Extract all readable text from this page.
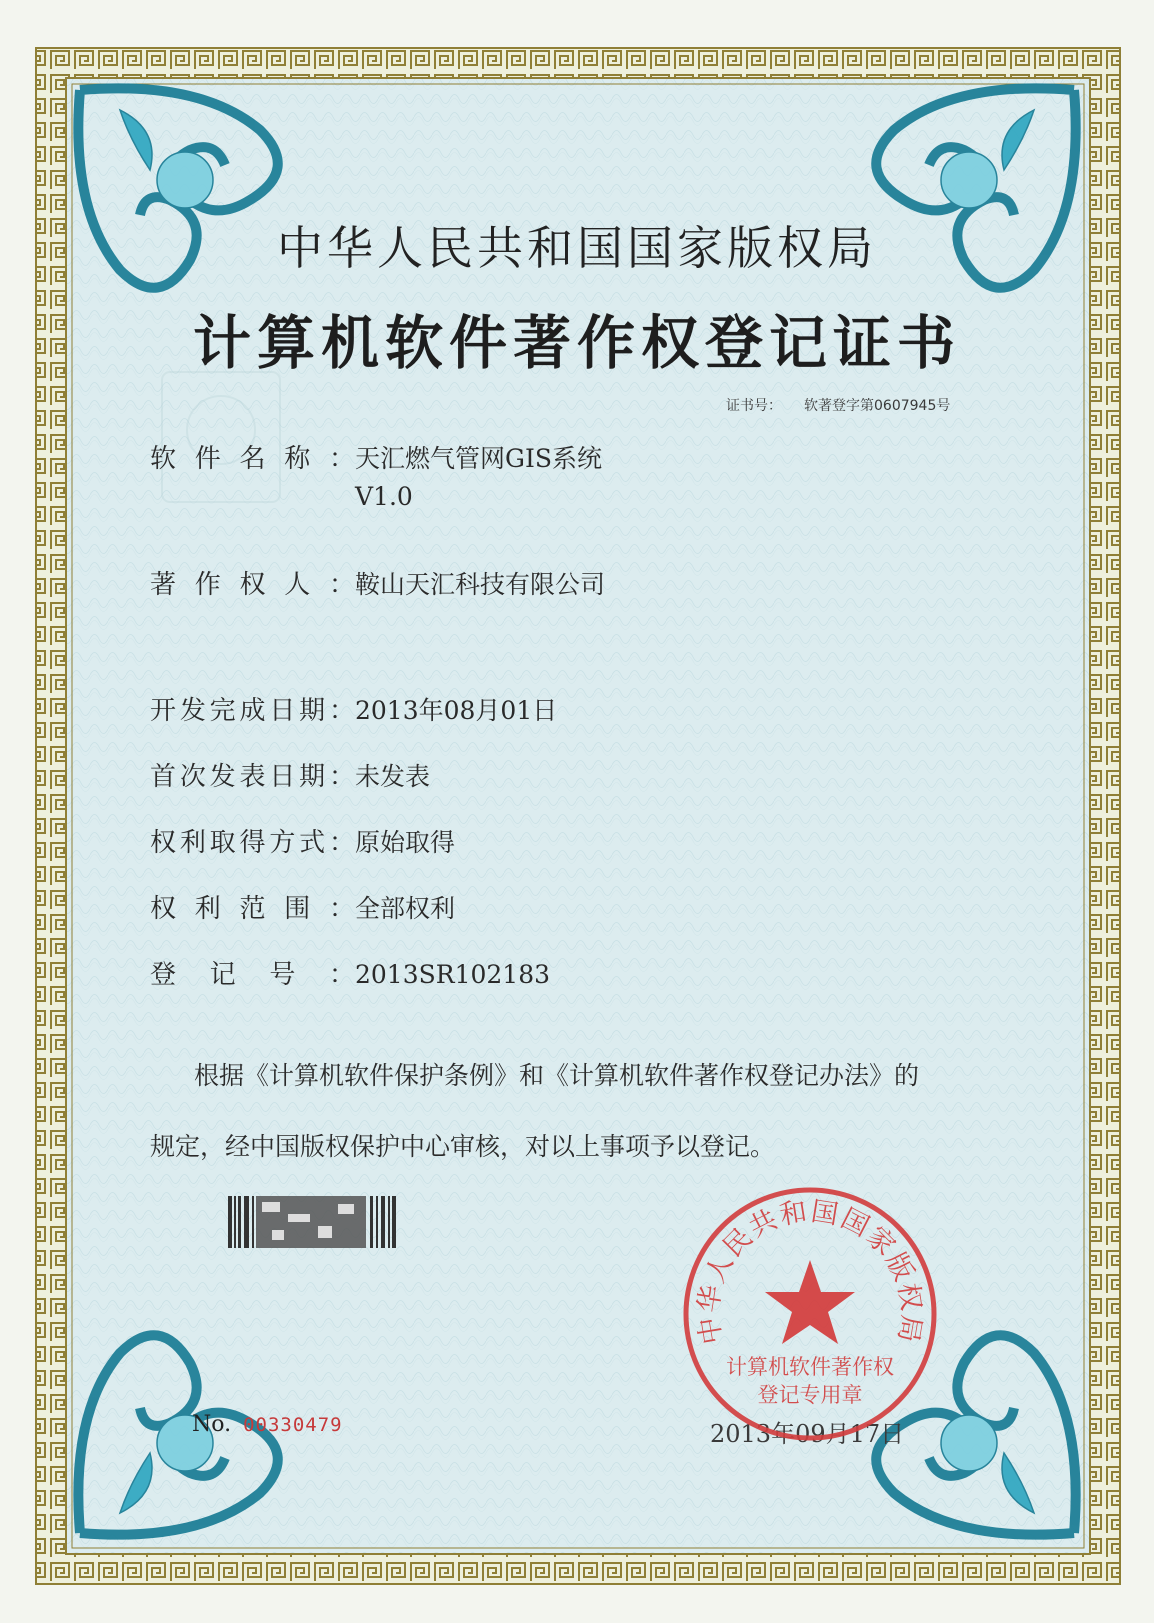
中华人民共和国国家版权局
计算机软件著作权登记证书
证书号： 软著登字第0607945号
软件名称： 天汇燃气管网GIS系统
V1.0
著作权人：鞍山天汇科技有限公司
开发完成日期：2013年08月01日
首次发表日期：未发表
权利取得方式：原始取得
权利范围：全部权利
登记号：2013SR102183
根据《计算机软件保护条例》和《计算机软件著作权登记办法》的
规定，经中国版权保护中心审核，对以上事项予以登记。
No. 00330479	2013年09月17日
中华人民共和国国家版权局
计算机软件著作权
登记专用章
